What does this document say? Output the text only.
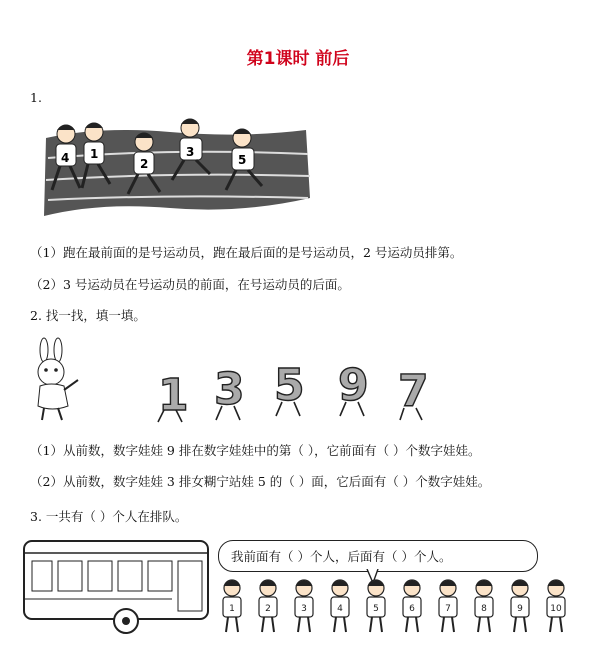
第1课时 前后
1.
4 1
2
3
5
（1）跑在最前面的是号运动员，跑在最后面的是号运动员，2 号运动员排第。
（2）3 号运动员在号运动员的前面，在号运动员的后面。
2. 找一找，填一填。
1 3 5 9 7
（1）从前数，数字娃娃 9 排在数字娃娃中的第（ ），它前面有（ ）个数字娃娃。
（2）从前数，数字娃娃 3 排女糊宁站娃 5 的（ ）面，它后面有（ ）个数字娃娃。
3. 一共有（ ）个人在排队。
我前面有（ ）个人，后面有（ ）个人。
1	2	3	4	5	6	7	8	9	10
